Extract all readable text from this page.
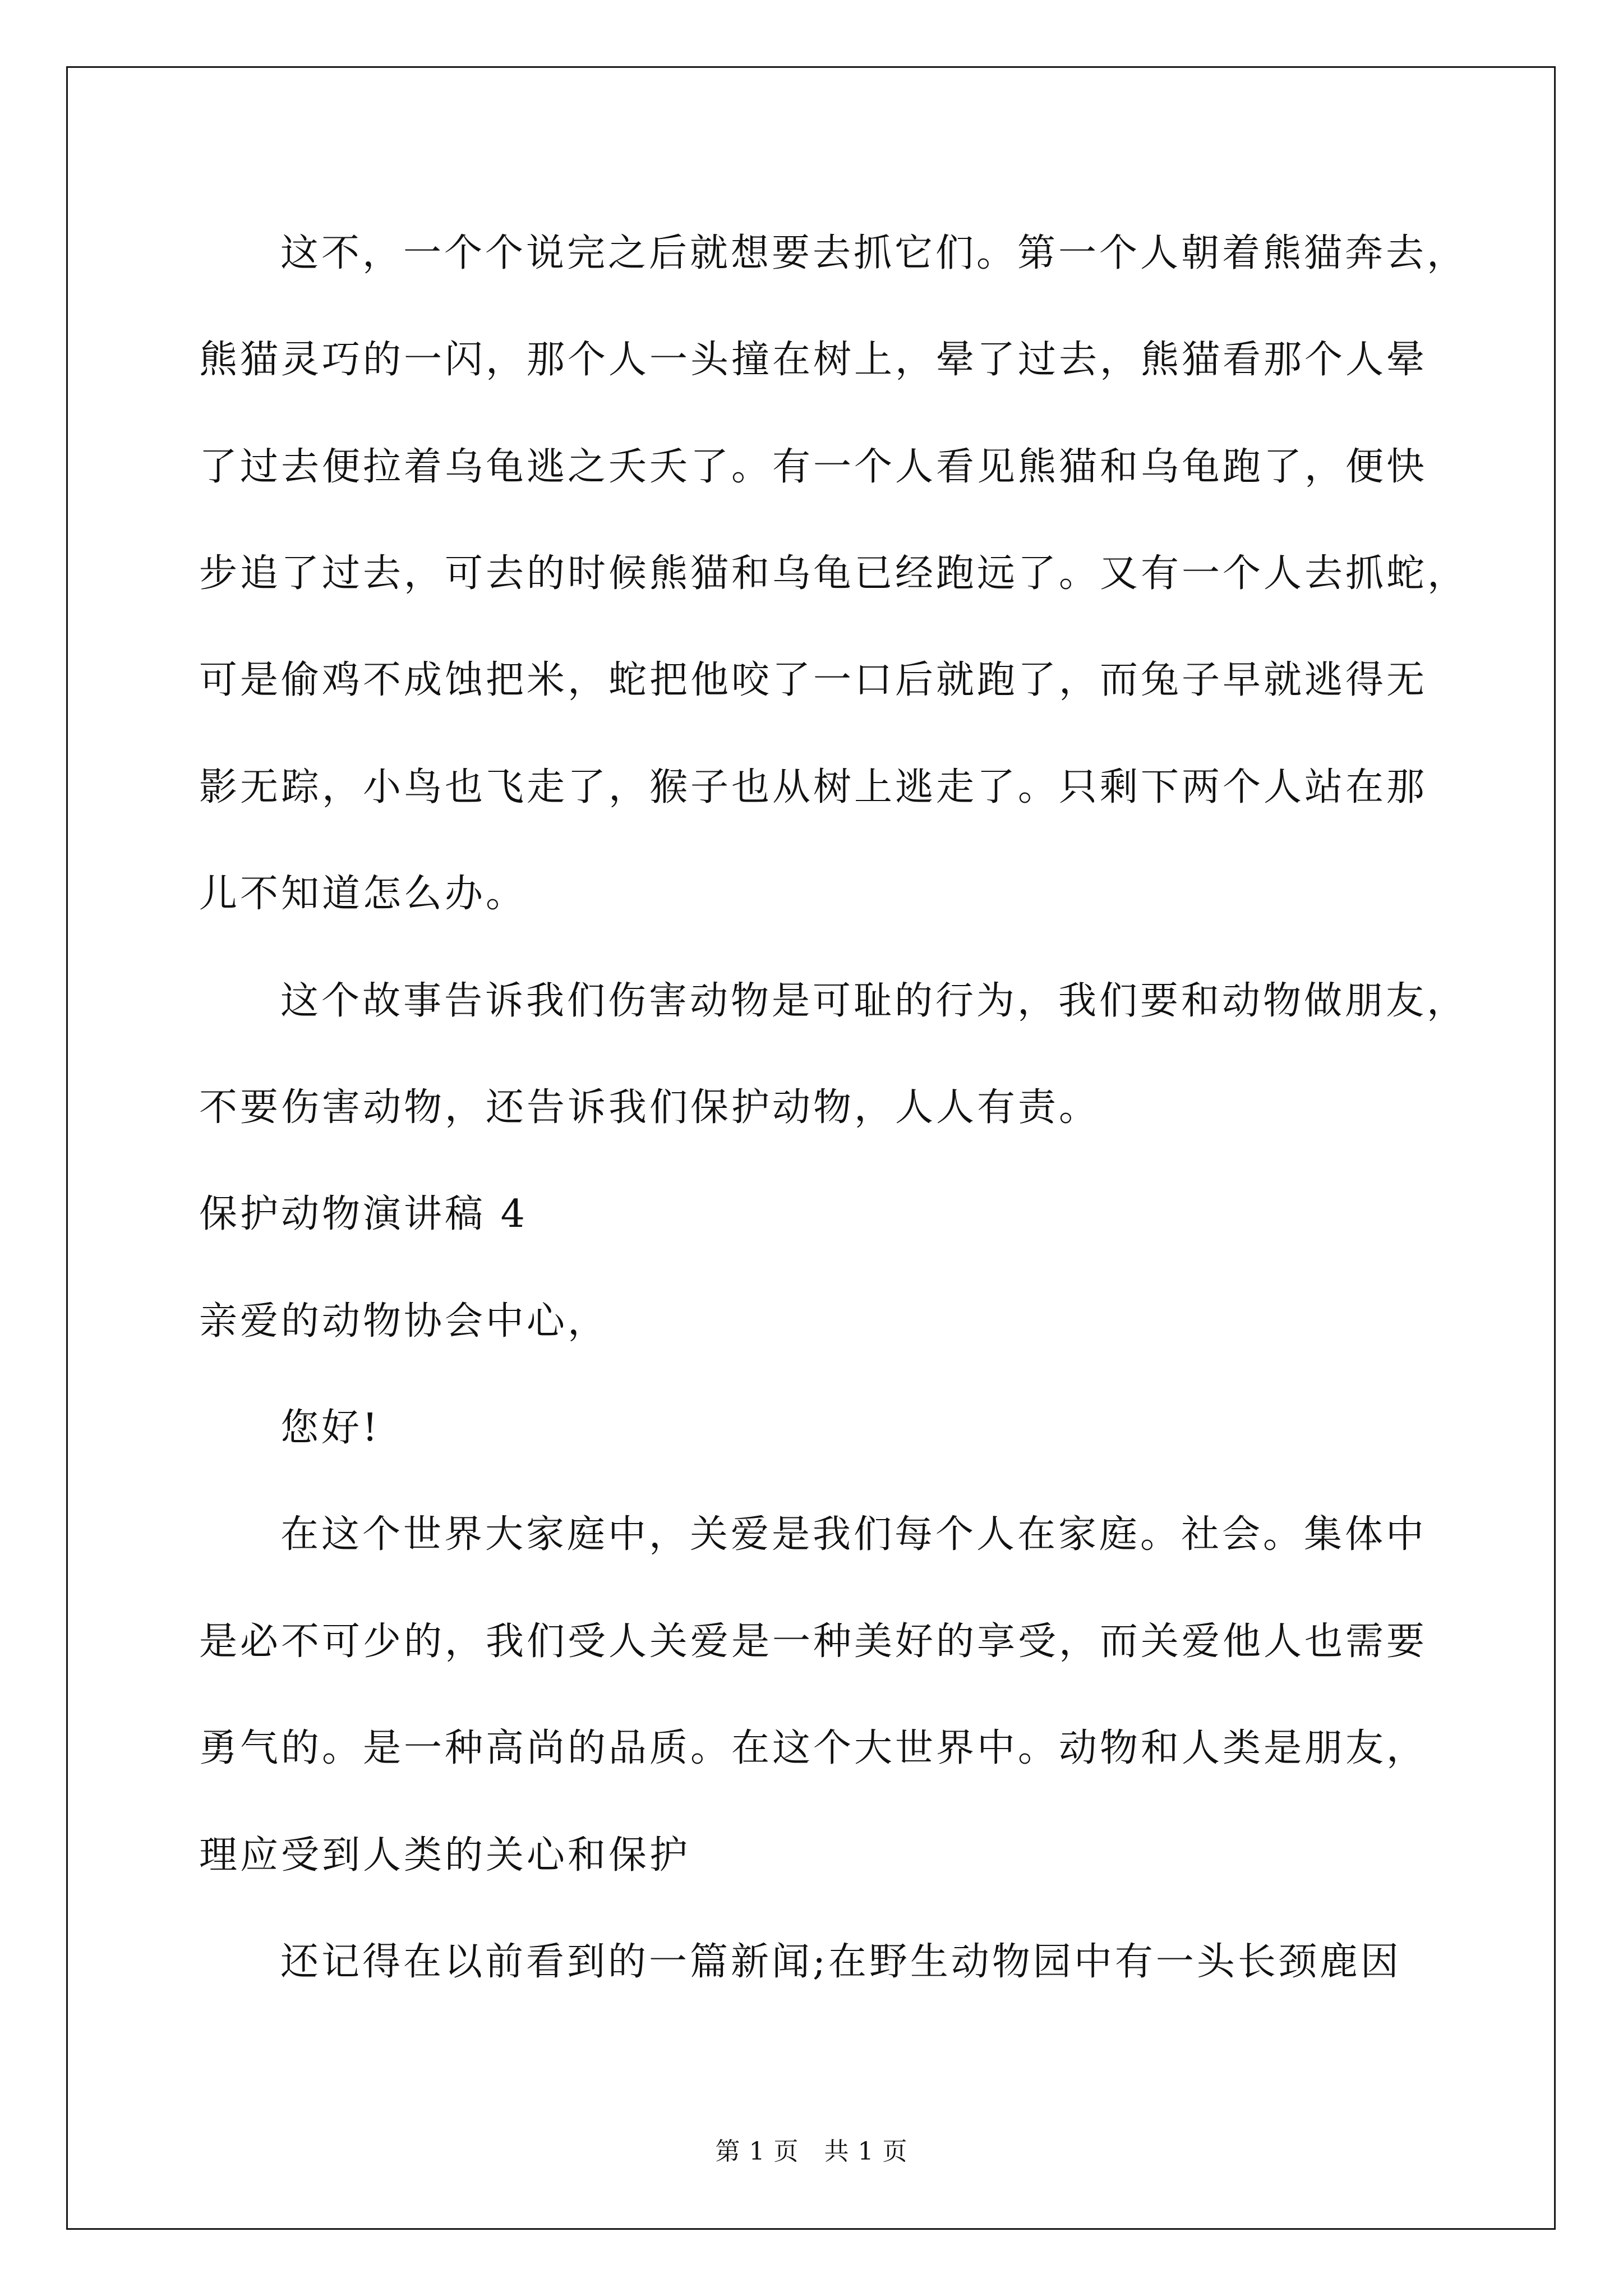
这不，一个个说完之后就想要去抓它们。第一个人朝着熊猫奔去，
熊猫灵巧的一闪，那个人一头撞在树上，晕了过去，熊猫看那个人晕
了过去便拉着乌龟逃之夭夭了。有一个人看见熊猫和乌龟跑了，便快
步追了过去，可去的时候熊猫和乌龟已经跑远了。又有一个人去抓蛇，
可是偷鸡不成蚀把米，蛇把他咬了一口后就跑了，而兔子早就逃得无
影无踪，小鸟也飞走了，猴子也从树上逃走了。只剩下两个人站在那
儿不知道怎么办。
这个故事告诉我们伤害动物是可耻的行为，我们要和动物做朋友，
不要伤害动物，还告诉我们保护动物，人人有责。
保护动物演讲稿 4
亲爱的动物协会中心，
您好!
在这个世界大家庭中，关爱是我们每个人在家庭。社会。集体中
是必不可少的，我们受人关爱是一种美好的享受，而关爱他人也需要
勇气的。是一种高尚的品质。在这个大世界中。动物和人类是朋友，
理应受到人类的关心和保护
还记得在以前看到的一篇新闻;在野生动物园中有一头长颈鹿因
第 1 页　共 1 页
